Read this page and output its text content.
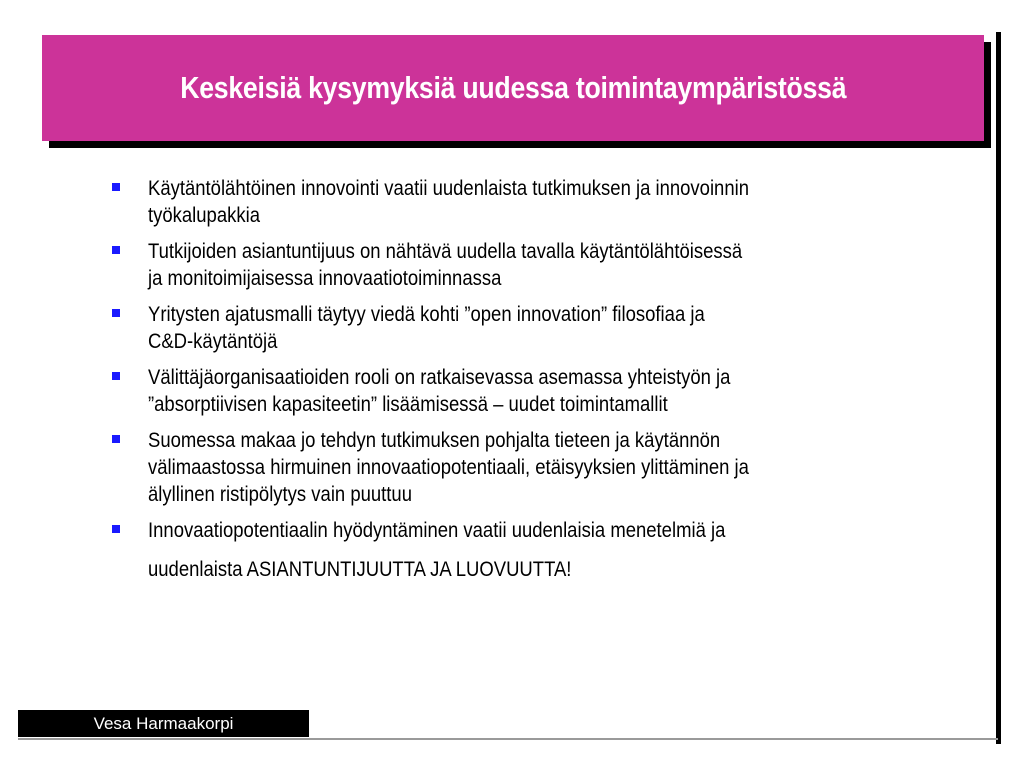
Keskeisiä kysymyksiä uudessa toimintaympäristössä
Käytäntölähtöinen innovointi vaatii uudenlaista tutkimuksen ja innovoinnin
työkalupakkia
Tutkijoiden asiantuntijuus on nähtävä uudella tavalla käytäntölähtöisessä
ja monitoimijaisessa innovaatiotoiminnassa
Yritysten ajatusmalli täytyy viedä kohti ”open innovation” filosofiaa ja
C&D-käytäntöjä
Välittäjäorganisaatioiden rooli on ratkaisevassa asemassa yhteistyön ja
”absorptiivisen kapasiteetin” lisäämisessä – uudet toimintamallit
Suomessa makaa jo tehdyn tutkimuksen pohjalta tieteen ja käytännön
välimaastossa hirmuinen innovaatiopotentiaali, etäisyyksien ylittäminen ja
älyllinen ristipölytys vain puuttuu
Innovaatiopotentiaalin hyödyntäminen vaatii uudenlaisia menetelmiä ja
uudenlaista ASIANTUNTIJUUTTA JA LUOVUUTTA!
Vesa Harmaakorpi
